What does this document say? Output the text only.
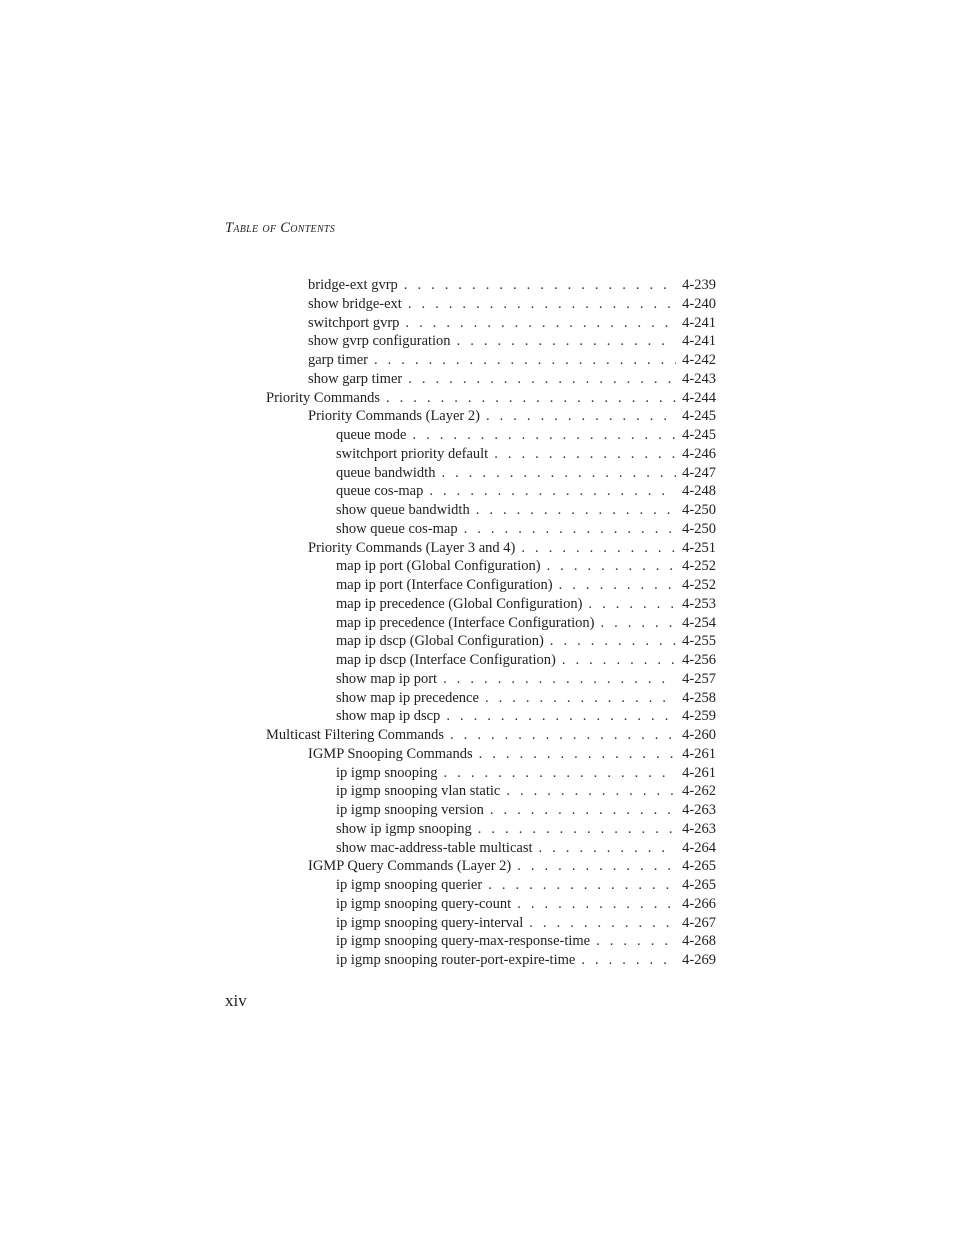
Table of Contents
bridge-ext gvrp . . .	4-239
show bridge-ext . . .	4-240
switchport gvrp . . .	4-241
show gvrp configuration . . .	4-241
garp timer . . .	4-242
show garp timer . . .	4-243
Priority Commands . . .	4-244
Priority Commands (Layer 2) . . .	4-245
queue mode . . .	4-245
switchport priority default . . .	4-246
queue bandwidth . . .	4-247
queue cos-map . . .	4-248
show queue bandwidth . . .	4-250
show queue cos-map . . .	4-250
Priority Commands (Layer 3 and 4) . . .	4-251
map ip port (Global Configuration) . . .	4-252
map ip port (Interface Configuration) . . .	4-252
map ip precedence (Global Configuration) . . .	4-253
map ip precedence (Interface Configuration) . . .	4-254
map ip dscp (Global Configuration) . . .	4-255
map ip dscp (Interface Configuration) . . .	4-256
show map ip port . . .	4-257
show map ip precedence . . .	4-258
show map ip dscp . . .	4-259
Multicast Filtering Commands . . .	4-260
IGMP Snooping Commands . . .	4-261
ip igmp snooping . . .	4-261
ip igmp snooping vlan static . . .	4-262
ip igmp snooping version . . .	4-263
show ip igmp snooping . . .	4-263
show mac-address-table multicast . . .	4-264
IGMP Query Commands (Layer 2) . . .	4-265
ip igmp snooping querier . . .	4-265
ip igmp snooping query-count . . .	4-266
ip igmp snooping query-interval . . .	4-267
ip igmp snooping query-max-response-time . . .	4-268
ip igmp snooping router-port-expire-time . . .	4-269
xiv
